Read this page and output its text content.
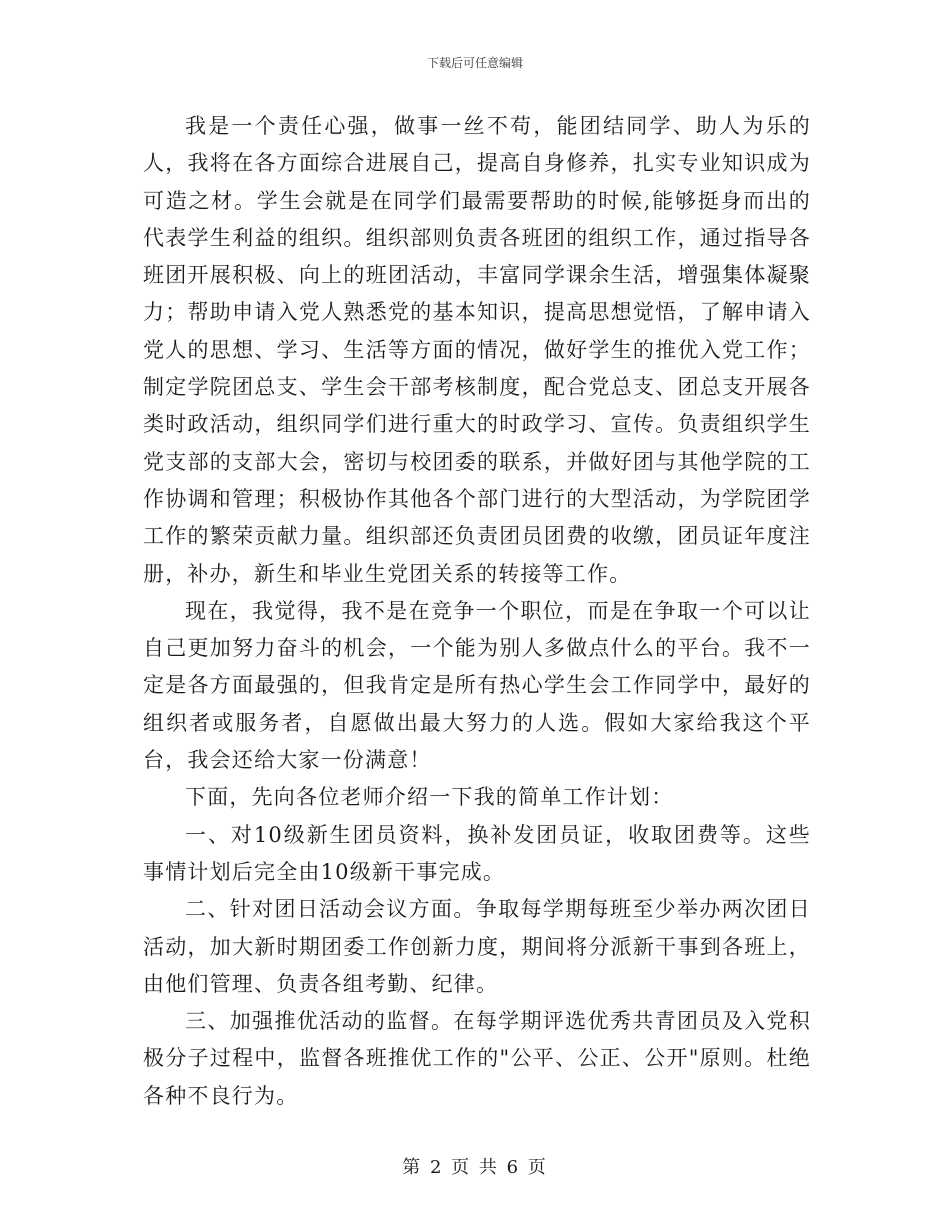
下载后可任意编辑

我是一个责任心强，做事一丝不苟，能团结同学、助人为乐的人，我将在各方面综合进展自己，提高自身修养，扎实专业知识成为可造之材。学生会就是在同学们最需要帮助的时候,能够挺身而出的代表学生利益的组织。组织部则负责各班团的组织工作，通过指导各班团开展积极、向上的班团活动，丰富同学课余生活，增强集体凝聚力；帮助申请入党人熟悉党的基本知识，提高思想觉悟，了解申请入党人的思想、学习、生活等方面的情况，做好学生的推优入党工作；制定学院团总支、学生会干部考核制度，配合党总支、团总支开展各类时政活动，组织同学们进行重大的时政学习、宣传。负责组织学生党支部的支部大会，密切与校团委的联系，并做好团与其他学院的工作协调和管理；积极协作其他各个部门进行的大型活动，为学院团学工作的繁荣贡献力量。组织部还负责团员团费的收缴，团员证年度注册，补办，新生和毕业生党团关系的转接等工作。

现在，我觉得，我不是在竞争一个职位，而是在争取一个可以让自己更加努力奋斗的机会，一个能为别人多做点什么的平台。我不一定是各方面最强的，但我肯定是所有热心学生会工作同学中，最好的组织者或服务者，自愿做出最大努力的人选。假如大家给我这个平台，我会还给大家一份满意！

下面，先向各位老师介绍一下我的简单工作计划：

一、对10级新生团员资料，换补发团员证，收取团费等。这些事情计划后完全由10级新干事完成。

二、针对团日活动会议方面。争取每学期每班至少举办两次团日活动，加大新时期团委工作创新力度，期间将分派新干事到各班上，由他们管理、负责各组考勤、纪律。

三、加强推优活动的监督。在每学期评选优秀共青团员及入党积极分子过程中，监督各班推优工作的"公平、公正、公开"原则。杜绝各种不良行为。

第 2 页 共 6 页
